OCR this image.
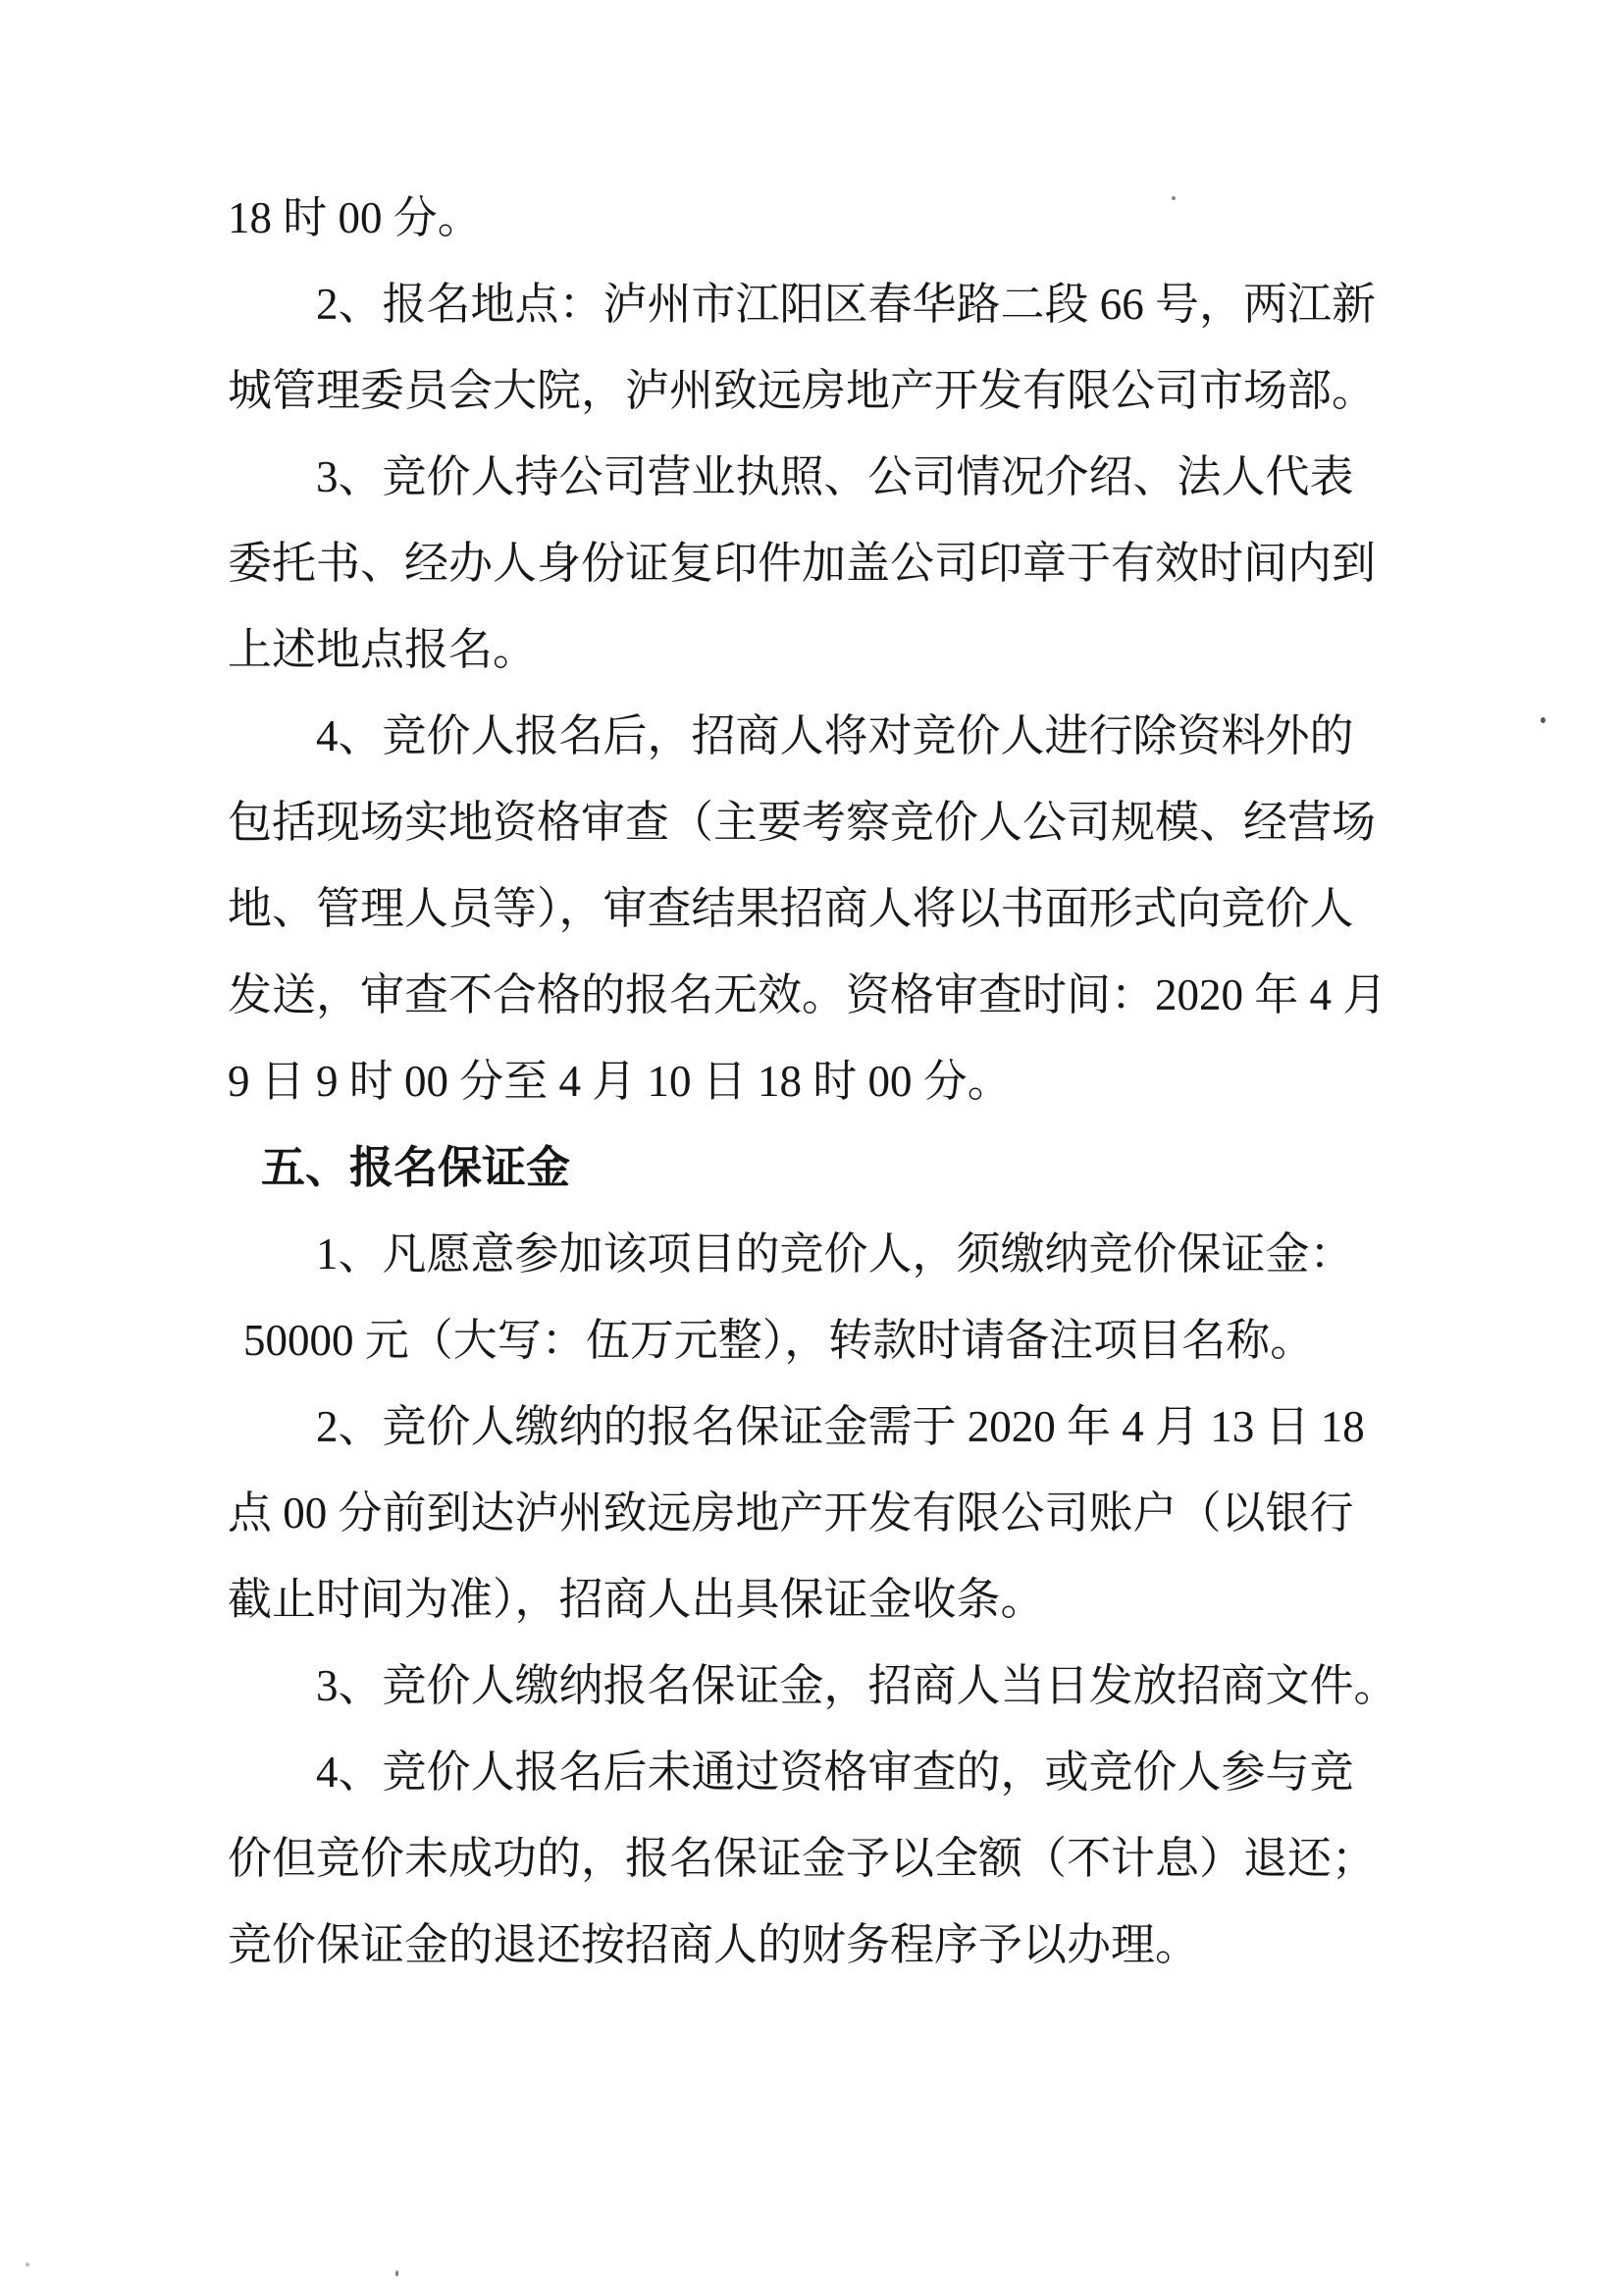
18 时 00 分。
2、报名地点：泸州市江阳区春华路二段 66 号，两江新
城管理委员会大院，泸州致远房地产开发有限公司市场部。
3、竞价人持公司营业执照、公司情况介绍、法人代表
委托书、经办人身份证复印件加盖公司印章于有效时间内到
上述地点报名。
4、竞价人报名后，招商人将对竞价人进行除资料外的
包括现场实地资格审查（主要考察竞价人公司规模、经营场
地、管理人员等），审查结果招商人将以书面形式向竞价人
发送，审查不合格的报名无效。资格审查时间：2020 年 4 月
9 日 9 时 00 分至 4 月 10 日 18 时 00 分。
五、报名保证金
1、凡愿意参加该项目的竞价人，须缴纳竞价保证金：
50000 元（大写：伍万元整），转款时请备注项目名称。
2、竞价人缴纳的报名保证金需于 2020 年 4 月 13 日 18
点 00 分前到达泸州致远房地产开发有限公司账户（以银行
截止时间为准），招商人出具保证金收条。
3、竞价人缴纳报名保证金，招商人当日发放招商文件。
4、竞价人报名后未通过资格审查的，或竞价人参与竞
价但竞价未成功的，报名保证金予以全额（不计息）退还；
竞价保证金的退还按招商人的财务程序予以办理。
